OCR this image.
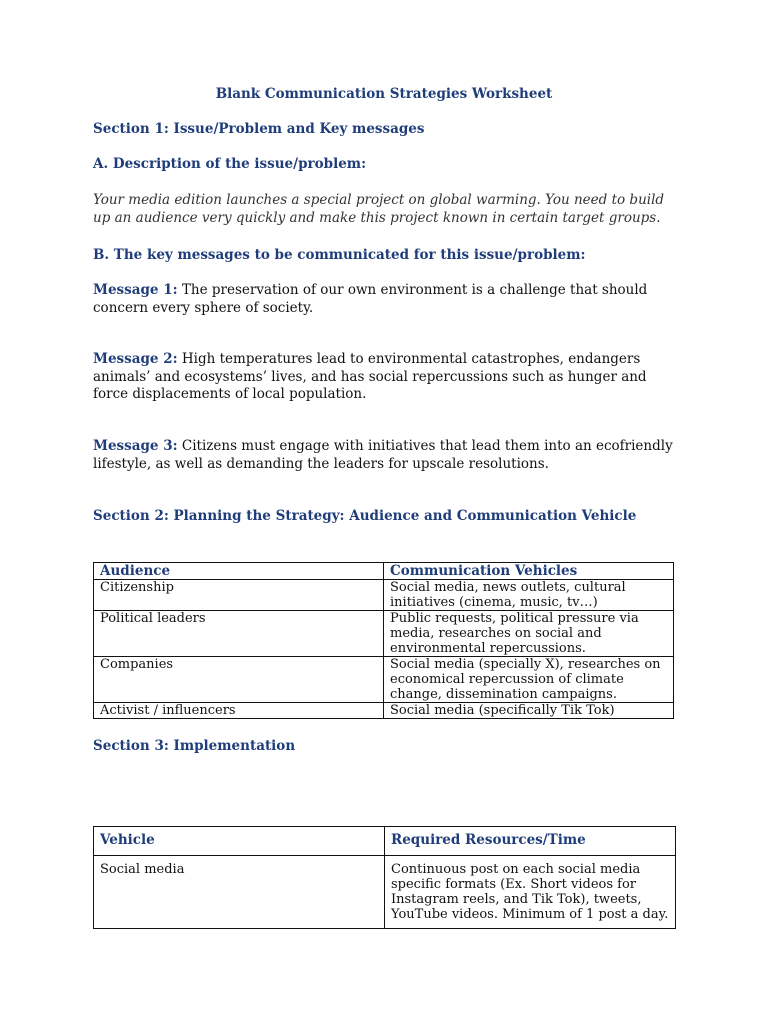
Blank Communication Strategies Worksheet
Section 1: Issue/Problem and Key messages
A. Description of the issue/problem:
Your media edition launches a special project on global warming. You need to build up an audience very quickly and make this project known in certain target groups.
B. The key messages to be communicated for this issue/problem:
Message 1: The preservation of our own environment is a challenge that should concern every sphere of society.
Message 2: High temperatures lead to environmental catastrophes, endangers animals’ and ecosystems’ lives, and has social repercussions such as hunger and force displacements of local population.
Message 3: Citizens must engage with initiatives that lead them into an ecofriendly lifestyle, as well as demanding the leaders for upscale resolutions.
Section 2: Planning the Strategy: Audience and Communication Vehicle
Audience	Communication Vehicles
Citizenship	Social media, news outlets, cultural initiatives (cinema, music, tv…)
Political leaders	Public requests, political pressure via media, researches on social and environmental repercussions.
Companies	Social media (specially X), researches on economical repercussion of climate change, dissemination campaigns.
Activist / influencers	Social media (specifically Tik Tok)
Section 3: Implementation
Vehicle	Required Resources/Time
Social media	Continuous post on each social media specific formats (Ex. Short videos for Instagram reels, and Tik Tok), tweets, YouTube videos. Minimum of 1 post a day.
